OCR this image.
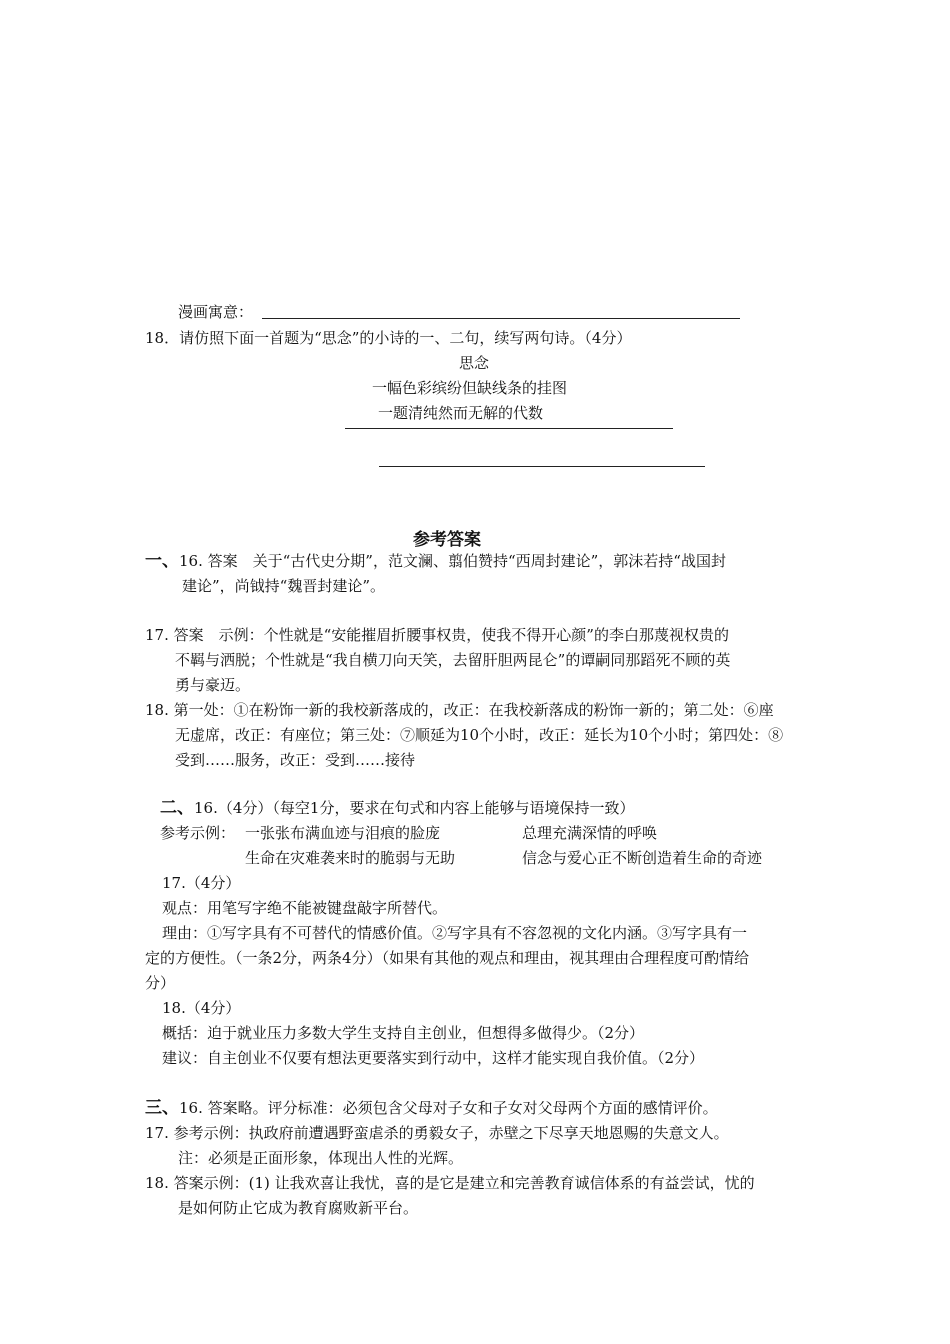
漫画寓意：
18．请仿照下面一首题为“思念”的小诗的一、二句，续写两句诗。（4分）
思念
一幅色彩缤纷但缺线条的挂图
一题清纯然而无解的代数
参考答案
一、16. 答案　关于“古代史分期”，范文澜、翦伯赞持“西周封建论”，郭沫若持“战国封
建论”，尚钺持“魏晋封建论”。
17. 答案　示例：个性就是“安能摧眉折腰事权贵，使我不得开心颜”的李白那蔑视权贵的
不羁与洒脱；个性就是“我自横刀向天笑，去留肝胆两昆仑”的谭嗣同那蹈死不顾的英
勇与豪迈。
18. 第一处：①在粉饰一新的我校新落成的，改正：在我校新落成的粉饰一新的；第二处：⑥座
无虚席，改正：有座位；第三处：⑦顺延为10个小时，改正：延长为10个小时；第四处：⑧
受到……服务，改正：受到……接待
二、16.（4分）（每空1分，要求在句式和内容上能够与语境保持一致）
参考示例： 一张张布满血迹与泪痕的脸庞	总理充满深情的呼唤
生命在灾难袭来时的脆弱与无助	信念与爱心正不断创造着生命的奇迹
17.（4分）
观点：用笔写字绝不能被键盘敲字所替代。
理由：①写字具有不可替代的情感价值。②写字具有不容忽视的文化内涵。③写字具有一
定的方便性。（一条2分，两条4分）（如果有其他的观点和理由，视其理由合理程度可酌情给
分）
18.（4分）
概括：迫于就业压力多数大学生支持自主创业，但想得多做得少。（2分）
建议：自主创业不仅要有想法更要落实到行动中，这样才能实现自我价值。（2分）
三、16. 答案略。评分标准：必须包含父母对子女和子女对父母两个方面的感情评价。
17. 参考示例：执政府前遭遇野蛮虐杀的勇毅女子，赤壁之下尽享天地恩赐的失意文人。
注：必须是正面形象，体现出人性的光辉。
18. 答案示例：(1) 让我欢喜让我忧，喜的是它是建立和完善教育诚信体系的有益尝试，忧的
是如何防止它成为教育腐败新平台。
